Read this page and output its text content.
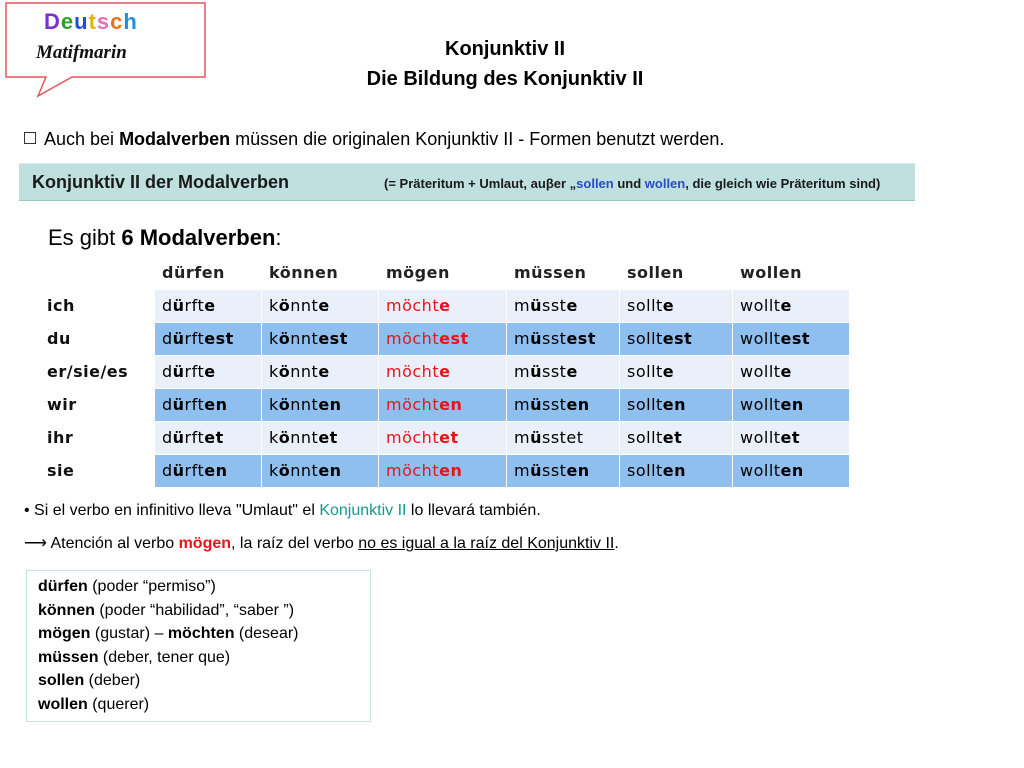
Deutsch
Matifmarin	Konjunktiv II
Die Bildung des Konjunktiv II
Auch bei Modalverben müssen die originalen Konjunktiv II - Formen benutzt werden.
Konjunktiv II der Modalverben	(= Präteritum + Umlaut, auβer „sollen und wollen, die gleich wie Präteritum sind)
Es gibt 6 Modalverben:
dürfen	können	mögen	müssen	sollen	wollen
ich	dürfte	könnte	möchte	müsste	sollte	wollte
du	dürftest	könntest	möchtest	müsstest	solltest	wolltest
er/sie/es	dürfte	könnte	möchte	müsste	sollte	wollte
wir	dürften	könnten	möchten	müssten	sollten	wollten
ihr	dürftet	könntet	möchtet	müsstet	solltet	wolltet
sie	dürften	könnten	möchten	müssten	sollten	wollten
• Si el verbo en infinitivo lleva "Umlaut" el Konjunktiv II lo llevará también.
⟶ Atención al verbo mögen, la raíz del verbo no es igual a la raíz del Konjunktiv II.
dürfen (poder “permiso”)
können (poder “habilidad”, “saber ”)
mögen (gustar) – möchten (desear)
müssen (deber, tener que)
sollen (deber)
wollen (querer)
